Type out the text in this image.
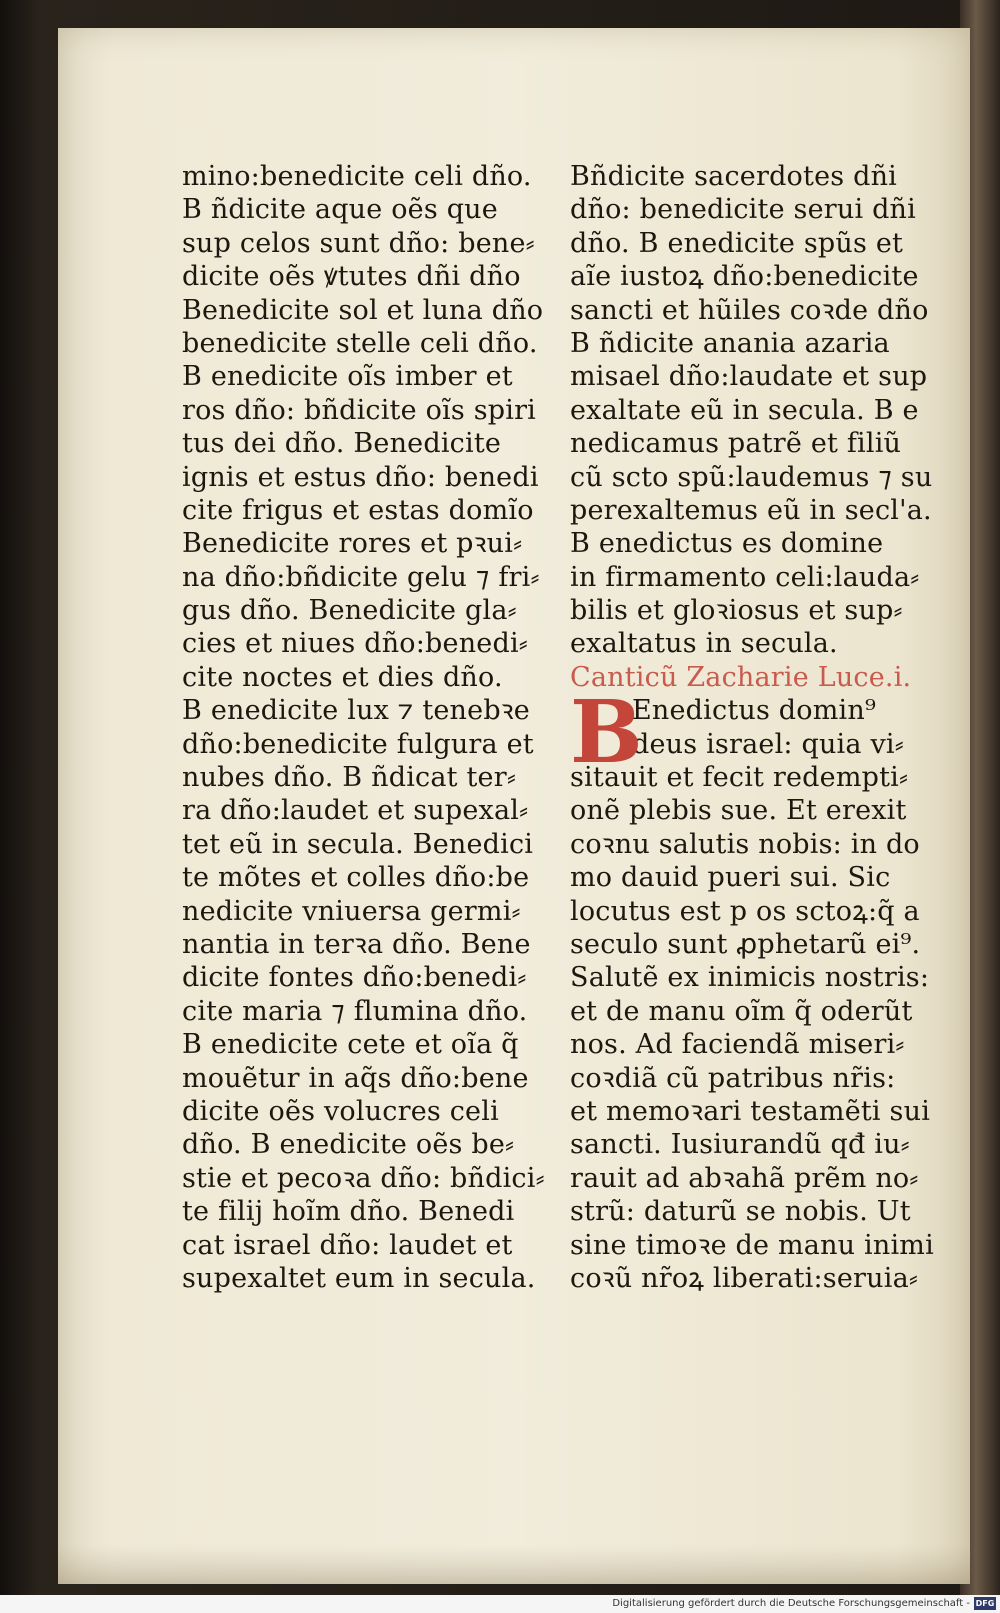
mino:benedicite celi dño.
B ñdicite aque oẽs que
sup celos sunt dño: bene⸗
dicite oẽs ꝟtutes dñi dño
Benedicite sol et luna dño
benedicite stelle celi dño.
B enedicite oĩs imber et
ros dño: bñdicite oĩs spiri
tus dei dño. Benedicite
ignis et estus dño: benedi
cite frigus et estas domĩo
Benedicite rores et pꝛui⸗
na dño:bñdicite gelu ⁊ fri⸗
gus dño. Benedicite gla⸗
cies et niues dño:benedi⸗
cite noctes et dies dño.
B enedicite lux ⁊ tenebꝛe
dño:benedicite fulgura et
nubes dño. B ñdicat ter⸗
ra dño:laudet et supexal⸗
tet eũ in secula. Benedici
te mõtes et colles dño:be
nedicite vniuersa germi⸗
nantia in terꝛa dño. Bene
dicite fontes dño:benedi⸗
cite maria ⁊ flumina dño.
B enedicite cete et oĩa q̃
mouẽtur in aq̃s dño:bene
dicite oẽs volucres celi
dño. B enedicite oẽs be⸗
stie et pecoꝛa dño: bñdici⸗
te filij hoĩm dño. Benedi
cat israel dño: laudet et
supexaltet eum in secula.
Bñdicite sacerdotes dñi
dño: benedicite serui dñi
dño. B enedicite spũs et
aĩe iustoꝝ dño:benedicite
sancti et hũiles coꝛde dño
B ñdicite anania azaria
misael dño:laudate et sup
exaltate eũ in secula. B e
nedicamus patrẽ et filiũ
cũ scto spũ:laudemus ⁊ su
perexaltemus eũ in secl'a.
B enedictus es domine
in firmamento celi:lauda⸗
bilis et gloꝛiosus et sup⸗
exaltatus in secula.
Canticũ Zacharie Luce.i.
B
Enedictus domin⁹
deus israel: quia vi⸗
sitauit et fecit redempti⸗
onẽ plebis sue. Et erexit
coꝛnu salutis nobis: in do
mo dauid pueri sui. Sic
locutus est p os sctoꝝ:q̃ a
seculo sunt ꝓphetarũ ei⁹.
Salutẽ ex inimicis nostris:
et de manu oĩm q̃ oderũt
nos. Ad faciendã miseri⸗
coꝛdiã cũ patribus nr̃is:
et memoꝛari testamẽti sui
sancti. Iusiurandũ qđ iu⸗
rauit ad abꝛahã prẽm no⸗
strũ: daturũ se nobis. Ut
sine timoꝛe de manu inimi
coꝛũ nr̃oꝝ liberati:seruia⸗
Digitalisierung gefördert durch die Deutsche Forschungsgemeinschaft - DFG
